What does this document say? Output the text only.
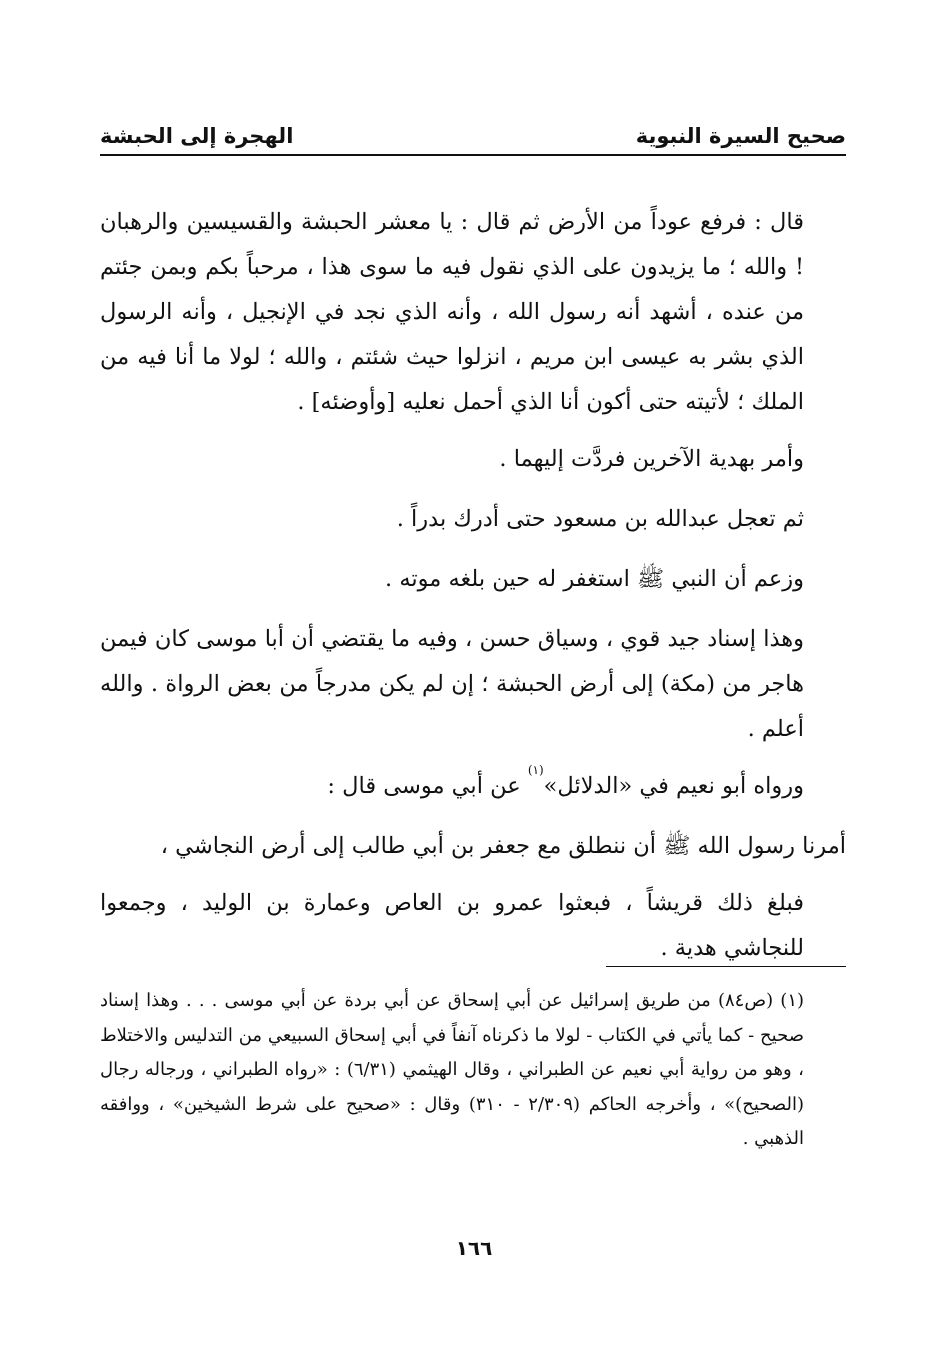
صحيح السيرة النبوية
الهجرة إلى الحبشة

قال : فرفع عوداً من الأرض ثم قال : يا معشر الحبشة والقسيسين والرهبان ! والله ؛ ما يزيدون على الذي نقول فيه ما سوى هذا ، مرحباً بكم وبمن جئتم من عنده ، أشهد أنه رسول الله ، وأنه الذي نجد في الإنجيل ، وأنه الرسول الذي بشر به عيسى ابن مريم ، انزلوا حيث شئتم ، والله ؛ لولا ما أنا فيه من الملك ؛ لأتيته حتى أكون أنا الذي أحمل نعليه [وأوضئه] .

وأمر بهدية الآخرين فردَّت إليهما .

ثم تعجل عبدالله بن مسعود حتى أدرك بدراً .

وزعم أن النبي ﷺ استغفر له حين بلغه موته .

وهذا إسناد جيد قوي ، وسياق حسن ، وفيه ما يقتضي أن أبا موسى كان فيمن هاجر من (مكة) إلى أرض الحبشة ؛ إن لم يكن مدرجاً من بعض الرواة . والله أعلم .

ورواه أبو نعيم في «الدلائل»$^{(١)}$ عن أبي موسى قال :

أمرنا رسول الله ﷺ أن ننطلق مع جعفر بن أبي طالب إلى أرض النجاشي ،

فبلغ ذلك قريشاً ، فبعثوا عمرو بن العاص وعمارة بن الوليد ، وجمعوا للنجاشي هدية .

(١) (ص٨٤) من طريق إسرائيل عن أبي إسحاق عن أبي بردة عن أبي موسى . . . وهذا إسناد صحيح - كما يأتي في الكتاب - لولا ما ذكرناه آنفاً في أبي إسحاق السبيعي من التدليس والاختلاط ، وهو من رواية أبي نعيم عن الطبراني ، وقال الهيثمي (٦/٣١) : «رواه الطبراني ، ورجاله رجال (الصحيح)» ، وأخرجه الحاكم (٢/٣٠٩ - ٣١٠) وقال : «صحيح على شرط الشيخين» ، ووافقه الذهبي .

١٦٦
